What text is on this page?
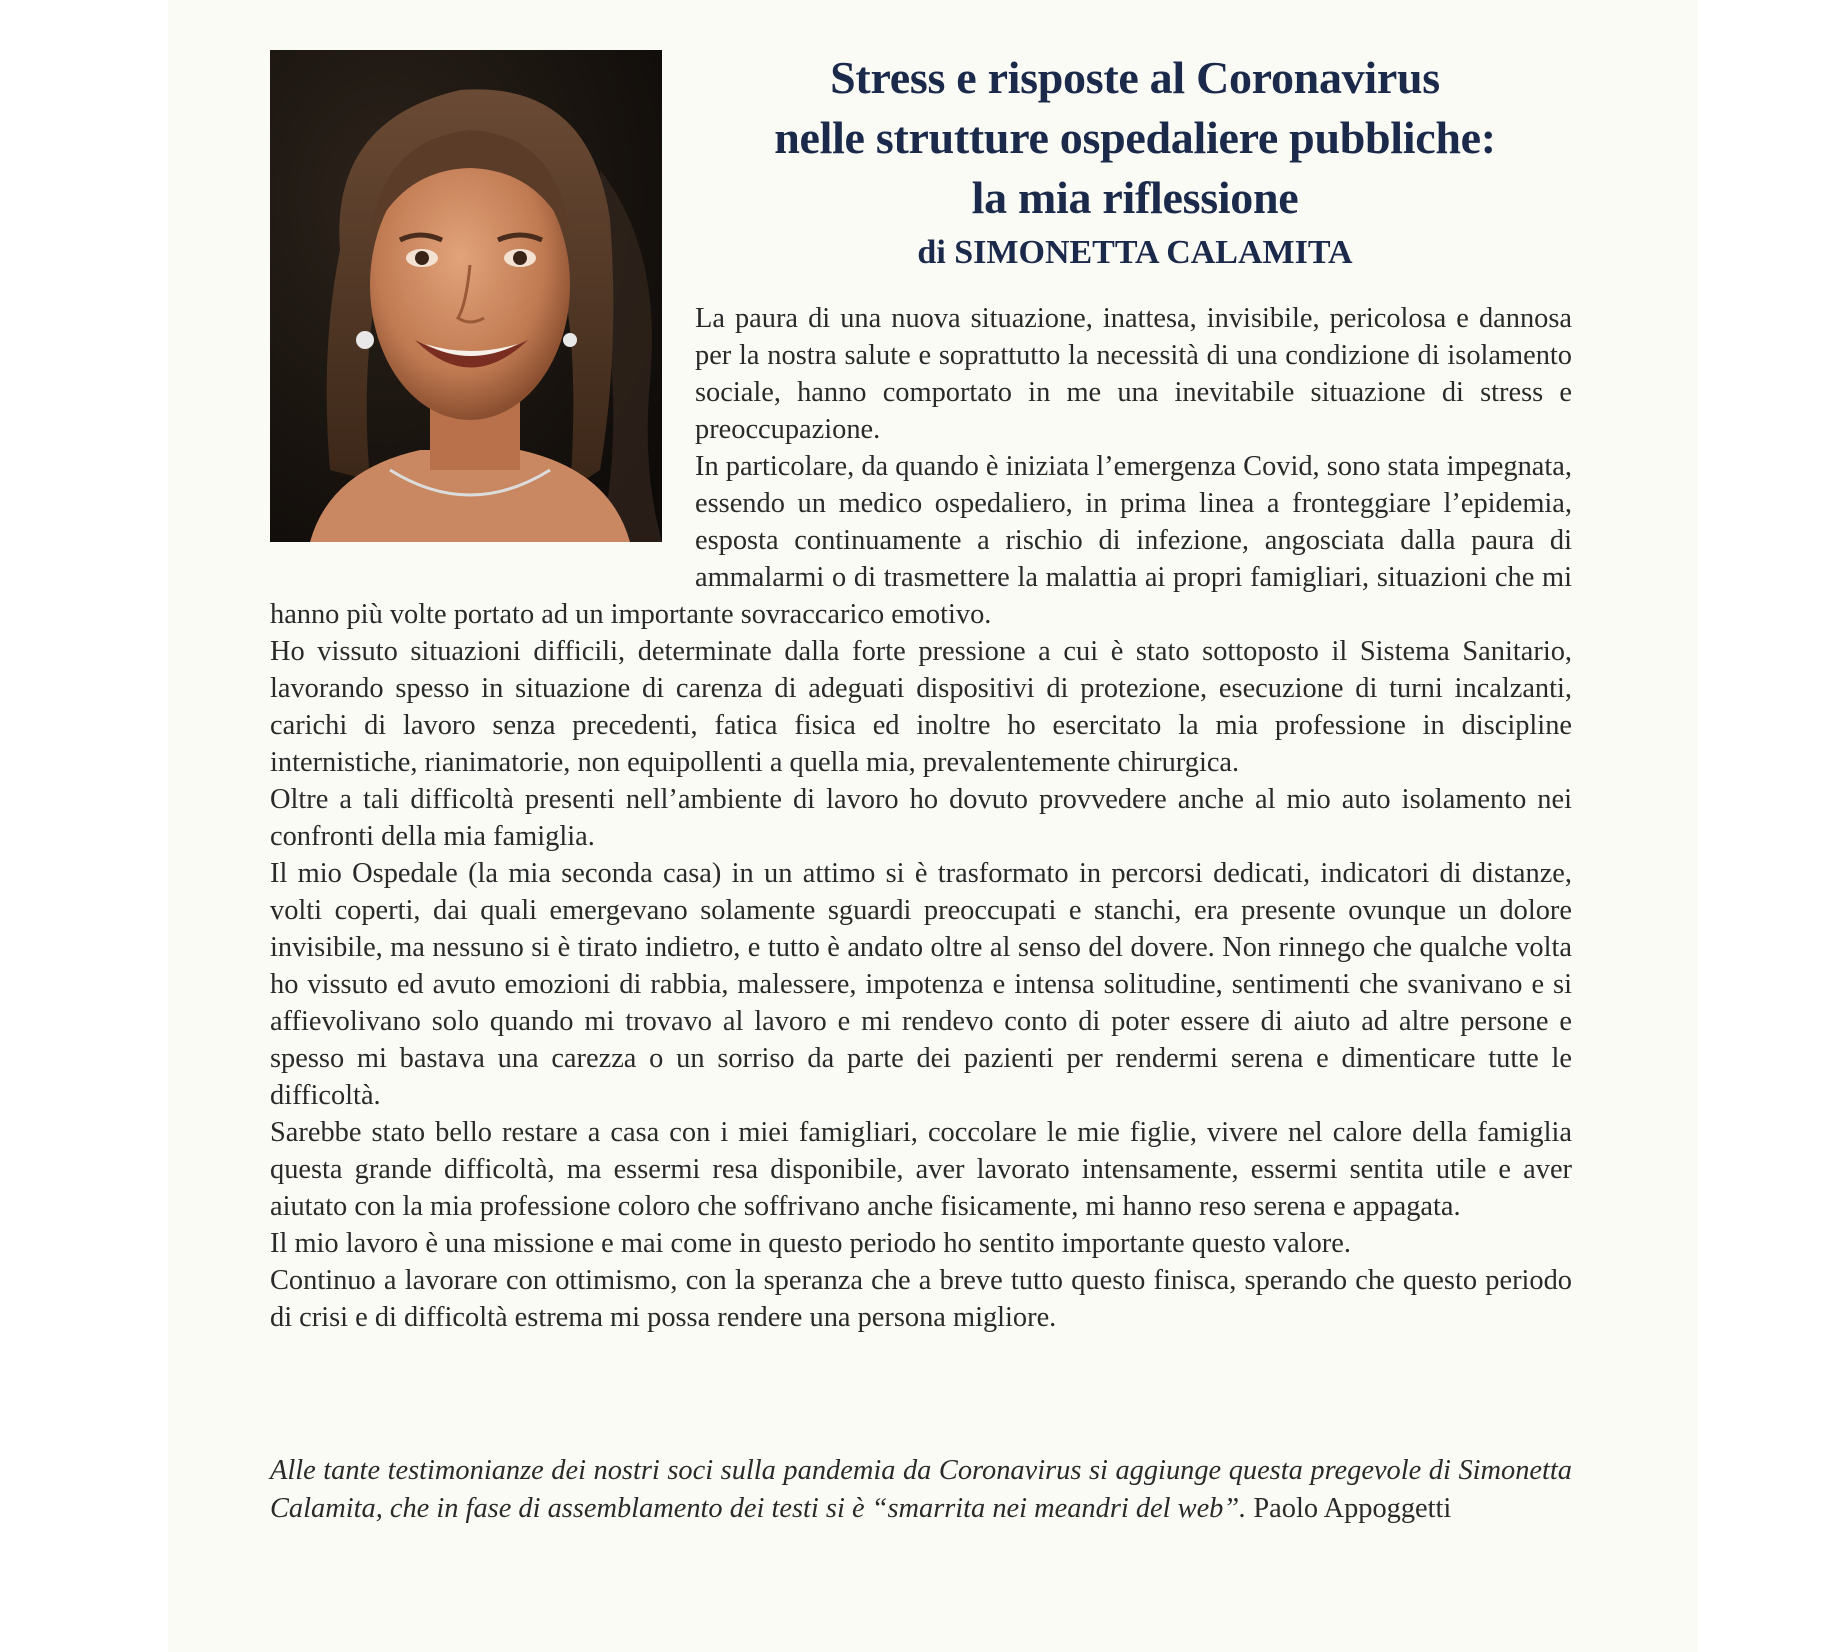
Stress e risposte al Coronavirus
nelle strutture ospedaliere pubbliche:
la mia riflessione
di SIMONETTA CALAMITA

La paura di una nuova situazione, inattesa, invisibile, pericolosa e dannosa per la nostra salute e soprattutto la necessità di una condizione di isolamento sociale, hanno comportato in me una inevitabile situazione di stress e preoccupazione.

In particolare, da quando è iniziata l’emergenza Covid, sono stata impegnata, essendo un medico ospedaliero, in prima linea a fronteggiare l’epidemia, esposta continuamente a rischio di infezione, angosciata dalla paura di ammalarmi o di trasmettere la malattia ai propri famigliari, situazioni che mi hanno più volte portato ad un importante sovraccarico emotivo.

Ho vissuto situazioni difficili, determinate dalla forte pressione a cui è stato sottoposto il Sistema Sanitario, lavorando spesso in situazione di carenza di adeguati dispositivi di protezione, esecuzione di turni incalzanti, carichi di lavoro senza precedenti, fatica fisica ed inoltre ho esercitato la mia professione in discipline internistiche, rianimatorie, non equipollenti a quella mia, prevalentemente chirurgica.

Oltre a tali difficoltà presenti nell’ambiente di lavoro ho dovuto provvedere anche al mio auto isolamento nei confronti della mia famiglia.

Il mio Ospedale (la mia seconda casa) in un attimo si è trasformato in percorsi dedicati, indicatori di distanze, volti coperti, dai quali emergevano solamente sguardi preoccupati e stanchi, era presente ovunque un dolore invisibile, ma nessuno si è tirato indietro, e tutto è andato oltre al senso del dovere. Non rinnego che qualche volta ho vissuto ed avuto emozioni di rabbia, malessere, impotenza e intensa solitudine, sentimenti che svanivano e si affievolivano solo quando mi trovavo al lavoro e mi rendevo conto di poter essere di aiuto ad altre persone e spesso mi bastava una carezza o un sorriso da parte dei pazienti per rendermi serena e dimenticare tutte le difficoltà.

Sarebbe stato bello restare a casa con i miei famigliari, coccolare le mie figlie, vivere nel calore della famiglia questa grande difficoltà, ma essermi resa disponibile, aver lavorato intensamente, essermi sentita utile e aver aiutato con la mia professione coloro che soffrivano anche fisicamente, mi hanno reso serena e appagata.

Il mio lavoro è una missione e mai come in questo periodo ho sentito importante questo valore.

Continuo a lavorare con ottimismo, con la speranza che a breve tutto questo finisca, sperando che questo periodo di crisi e di difficoltà estrema mi possa rendere una persona migliore.

Alle tante testimonianze dei nostri soci sulla pandemia da Coronavirus si aggiunge questa pregevole di Simonetta Calamita, che in fase di assemblamento dei testi si è “smarrita nei meandri del web”. Paolo Appoggetti
